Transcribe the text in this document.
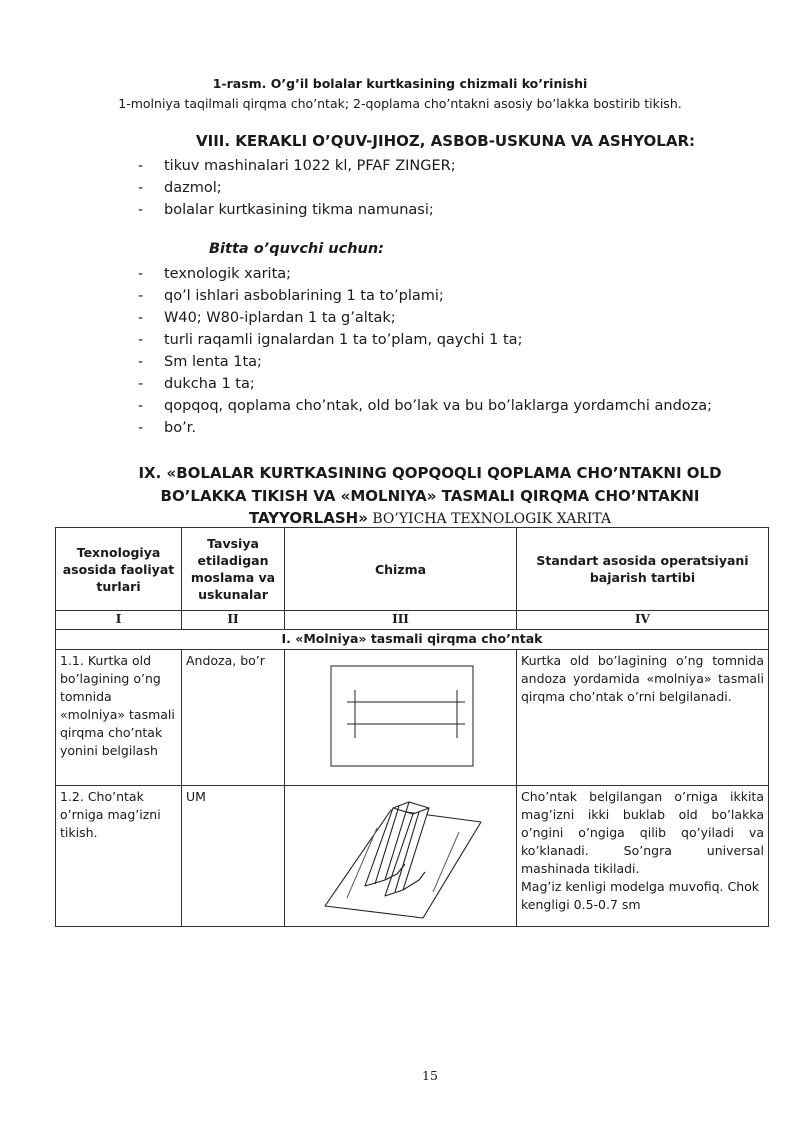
1-rasm. O’g’il bolalar kurtkasining chizmali ko’rinishi
1-molniya taqilmali qirqma cho’ntak; 2-qoplama cho’ntakni asosiy bo’lakka bostirib tikish.
VIII. KERAKLI O’QUV-JIHOZ, ASBOB-USKUNA VA ASHYOLAR:
- tikuv mashinalari 1022 kl, PFAF ZINGER;
- dazmol;
- bolalar kurtkasining tikma namunasi;
Bitta o’quvchi uchun:
- texnologik xarita;
- qo’l ishlari asboblarining 1 ta to’plami;
- W40; W80-iplardan 1 ta g’altak;
- turli raqamli ignalardan 1 ta to’plam, qaychi 1 ta;
- Sm lenta 1ta;
- dukcha 1 ta;
- qopqoq, qoplama cho’ntak, old bo’lak va bu bo’laklarga yordamchi andoza;
- bo’r.
IX. «BOLALAR KURTKASINING QOPQOQLI QOPLAMA CHO’NTAKNI OLD
BO’LAKKA TIKISH VA «MOLNIYA» TASMALI QIRQMA CHO’NTAKNI
TAYYORLASH» BO’YICHA TEXNOLOGIK XARITA
Texnologiya asosida faoliyat turlari	Tavsiya etiladigan moslama va uskunalar	Chizma	Standart asosida operatsiyani bajarish tartibi
I	II	III	IV
I. «Molniya» tasmali qirqma cho’ntak			
1.1. Kurtka old bo’lagining o’ng tomnida «molniya» tasmali qirqma cho’ntak yonini belgilash	Andoza, bo’r		Kurtka old bo’lagining o’ng tomnida andoza yordamida «molniya» tasmali qirqma cho’ntak o’rni belgilanadi.
1.2. Cho’ntak o’rniga mag’izni tikish.	UM		Cho’ntak belgilangan o’rniga ikkita mag’izni ikki buklab old bo’lakka o’ngini o’ngiga qilib qo’yiladi va ko’klanadi. So’ngra universal mashinada tikiladi.
Mag’iz kenligi modelga muvofiq. Chok kengligi 0.5-0.7 sm
15
